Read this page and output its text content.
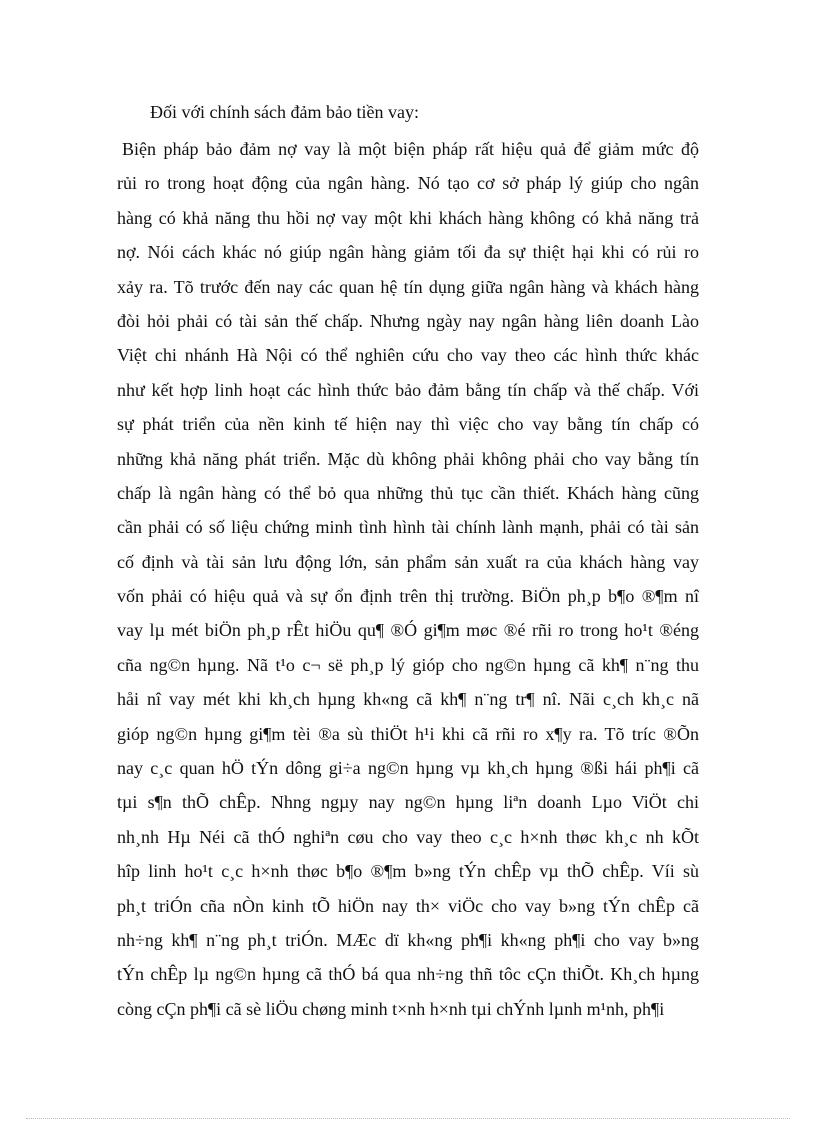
Đối với chính sách đảm bảo tiền vay:
Biện pháp bảo đảm nợ vay là một biện pháp rất hiệu quả để giảm mức độ
rủi ro trong hoạt động của ngân hàng. Nó tạo cơ sở pháp lý giúp cho ngân
hàng có khả năng thu hồi nợ vay một khi khách hàng không có khả năng trả
nợ. Nói cách khác nó giúp ngân hàng giảm tối đa sự thiệt hại khi có rủi ro
xảy ra. Tõ trước đến nay các quan hệ tín dụng giữa ngân hàng và khách hàng
đòi hỏi phải có tài sản thế chấp. Nhưng ngày nay ngân hàng liên doanh Lào
Việt chi nhánh Hà Nội có thể nghiên cứu cho vay theo các hình thức khác
như kết hợp linh hoạt các hình thức bảo đảm bằng tín chấp và thế chấp. Với
sự phát triển của nền kinh tế hiện nay thì việc cho vay bằng tín chấp có
những khả năng phát triển. Mặc dù không phải không phải cho vay bằng tín
chấp là ngân hàng có thể bỏ qua những thủ tục cần thiết. Khách hàng cũng
cần phải có số liệu chứng minh tình hình tài chính lành mạnh, phải có tài sản
cố định và tài sản lưu động lớn, sản phẩm sản xuất ra của khách hàng vay
vốn phải có hiệu quả và sự ổn định trên thị trường. BiÖn ph¸p b¶o ®¶m nî
vay lµ mét biÖn ph¸p rÊt hiÖu qu¶ ®Ó gi¶m møc ®é rñi ro trong ho¹t ®éng
cña ng©n hµng. Nã t¹o c¬ së ph¸p lý gióp cho ng©n hµng cã kh¶ n¨ng thu
håi nî vay mét khi kh¸ch hµng kh«ng cã kh¶ n¨ng tr¶ nî. Nãi c¸ch kh¸c nã
gióp ng©n hµng gi¶m tèi ®a sù thiÖt h¹i khi cã rñi ro x¶y ra. Tõ tríc ®Õn
nay c¸c quan hÖ tÝn dông gi÷a ng©n hµng vµ kh¸ch hµng ®ßi hái ph¶i cã
tµi s¶n thÕ chÊp. Nhng ngµy nay ng©n hµng liªn doanh Lµo ViÖt chi
nh¸nh Hµ Néi cã thÓ nghiªn cøu cho vay theo c¸c h×nh thøc kh¸c nh kÕt
hîp linh ho¹t c¸c h×nh thøc b¶o ®¶m b»ng tÝn chÊp vµ thÕ chÊp. Víi sù
ph¸t triÓn cña nÒn kinh tÕ hiÖn nay th× viÖc cho vay b»ng tÝn chÊp cã
nh÷ng kh¶ n¨ng ph¸t triÓn. MÆc dï kh«ng ph¶i kh«ng ph¶i cho vay b»ng
tÝn chÊp lµ ng©n hµng cã thÓ bá qua nh÷ng thñ tôc cÇn thiÕt. Kh¸ch hµng
còng cÇn ph¶i cã sè liÖu chøng minh t×nh h×nh tµi chÝnh lµnh m¹nh, ph¶i
